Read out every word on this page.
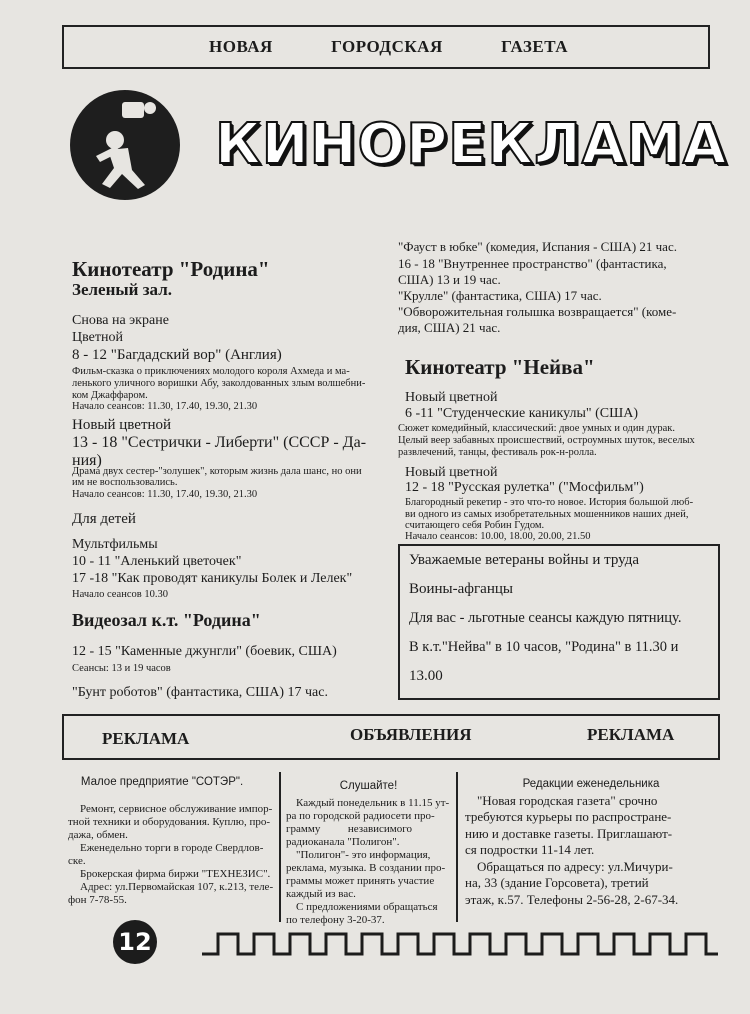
НОВАЯ	ГОРОДСКАЯ	ГАЗЕТА
КИНОРЕКЛАМА
Кинотеатр "Родина"
Зеленый зал.
Снова на экране
Цветной
8 - 12 "Багдадский вор" (Англия)
Фильм-сказка о приключениях молодого короля Ахмеда и ма-
ленького уличного воришки Абу, заколдованных злым волшебни-
ком Джаффаром.
Начало сеансов: 11.30, 17.40, 19.30, 21.30
Новый цветной
13 - 18 "Сестрички - Либерти" (СССР - Да-
ния)
Драма двух сестер-"золушек", которым жизнь дала шанс, но они
им не воспользовались.
Начало сеансов: 11.30, 17.40, 19.30, 21.30
Для детей
Мультфильмы
10 - 11 "Аленький цветочек"
17 -18 "Как проводят каникулы Болек и Лелек"
Начало сеансов 10.30
Видеозал к.т. "Родина"
12 - 15 "Каменные джунгли" (боевик, США)
Сеансы: 13 и 19 часов
"Бунт роботов" (фантастика, США) 17 час.
"Фауст в юбке" (комедия, Испания - США) 21 час.
16 - 18 "Внутреннее пространство" (фантастика,
США) 13 и 19 час.
"Крулле" (фантастика, США) 17 час.
"Обворожительная голышка возвращается" (коме-
дия, США) 21 час.
Кинотеатр "Нейва"
Новый цветной
6 -11 "Студенческие каникулы" (США)
Сюжет комедийный, классический: двое умных и один дурак.
Целый веер забавных происшествий, остроумных шуток, веселых
развлечений, танцы, фестиваль рок-н-ролла.
Новый цветной
12 - 18 "Русская рулетка" ("Мосфильм")
Благородный рекетир - это что-то новое. История большой люб-
ви одного из самых изобретательных мошенников наших дней,
считающего себя Робин Гудом.
Начало сеансов: 10.00, 18.00, 20.00, 21.50
Уважаемые ветераны войны и труда
Воины-афганцы
Для вас - льготные сеансы каждую пятницу.
В к.т."Нейва" в 10 часов, "Родина" в 11.30 и
13.00
РЕКЛАМА	ОБЪЯВЛЕНИЯ	РЕКЛАМА
Малое предприятие "СОТЭР".
Ремонт, сервисное обслуживание импор-
тной техники и оборудования. Куплю, про-
дажа, обмен.
Еженедельно торги в городе Свердлов-
ске.
Брокерская фирма биржи "ТЕХНЕЗИС".
Адрес: ул.Первомайская 107, к.213, теле-
фон 7-78-55.
Слушайте!
Каждый понедельник в 11.15 ут-
ра по городской радиосети про-
грамму          независимого
радиоканала "Полигон".
"Полигон"- это информация,
реклама, музыка. В создании про-
граммы может принять участие
каждый из вас.
С предложениями обращаться
по телефону 3-20-37.
Редакции еженедельника
"Новая городская газета" срочно
требуются курьеры по распростране-
нию и доставке газеты. Приглашают-
ся подростки 11-14 лет.
Обращаться по адресу: ул.Мичури-
на, 33 (здание Горсовета), третий
этаж, к.57. Телефоны 2-56-28, 2-67-34.
12
